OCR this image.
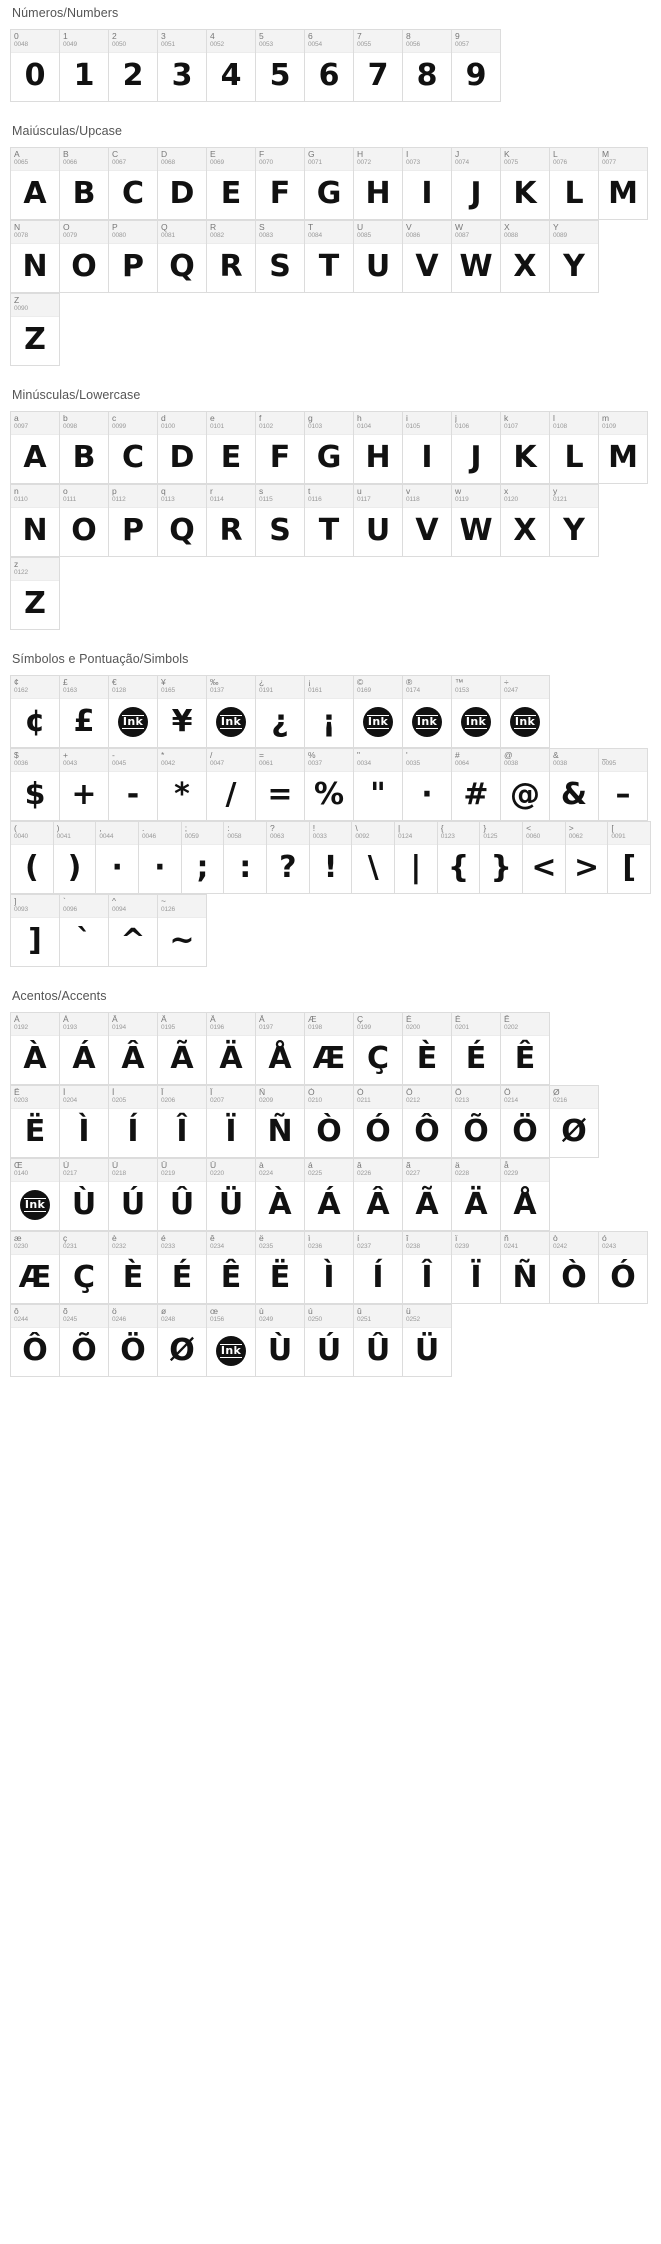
Números/Numbers
0
0048
0
1
0049
1
2
0050
2
3
0051
3
4
0052
4
5
0053
5
6
0054
6
7
0055
7
8
0056
8
9
0057
9
Maiúsculas/Upcase
A
0065
A
B
0066
B
C
0067
C
D
0068
D
E
0069
E
F
0070
F
G
0071
G
H
0072
H
I
0073
I
J
0074
J
K
0075
K
L
0076
L
M
0077
M
N
0078
N
O
0079
O
P
0080
P
Q
0081
Q
R
0082
R
S
0083
S
T
0084
T
U
0085
U
V
0086
V
W
0087
W
X
0088
X
Y
0089
Y
Z
0090
Z
Minúsculas/Lowercase
a
0097
A
b
0098
B
c
0099
C
d
0100
D
e
0101
E
f
0102
F
g
0103
G
h
0104
H
i
0105
I
j
0106
J
k
0107
K
l
0108
L
m
0109
M
n
0110
N
o
0111
O
p
0112
P
q
0113
Q
r
0114
R
s
0115
S
t
0116
T
u
0117
U
v
0118
V
w
0119
W
x
0120
X
y
0121
Y
z
0122
Z
Símbolos e Pontuação/Simbols
¢
0162
¢
£
0163
£
€
0128
Ink
¥
0165
¥
‰
0137
Ink
¿
0191
¿
¡
0161
¡
©
0169
Ink
®
0174
Ink
™
0153
Ink
÷
0247
Ink
$
0036
$
+
0043
+
-
0045
-
*
0042
*
/
0047
/
=
0061
=
%
0037
%
"
0034
"
'
0035
·
#
0064
#
@
0038
@
&
0038
&
_
0095
–
(
0040
(
)
0041
)
,
0044
·
.
0046
·
;
0059
;
:
0058
:
?
0063
?
!
0033
!
\
0092
\
|
0124
|
{
0123
{
}
0125
}
<
0060
<
>
0062
>
[
0091
[
]
0093
]
`
0096
`
^
0094
^
~
0126
~
Acentos/Accents
À
0192
À
Á
0193
Á
Â
0194
Â
Ã
0195
Ã
Ä
0196
Ä
Å
0197
Å
Æ
0198
Æ
Ç
0199
Ç
È
0200
È
É
0201
É
Ê
0202
Ê
Ë
0203
Ë
Ì
0204
Ì
Í
0205
Í
Î
0206
Î
Ï
0207
Ï
Ñ
0209
Ñ
Ò
0210
Ò
Ó
0211
Ó
Ô
0212
Ô
Õ
0213
Õ
Ö
0214
Ö
Ø
0216
Ø
Œ
0140
Ink
Ù
0217
Ù
Ú
0218
Ú
Û
0219
Û
Ü
0220
Ü
à
0224
À
á
0225
Á
â
0226
Â
ã
0227
Ã
ä
0228
Ä
å
0229
Å
æ
0230
Æ
ç
0231
Ç
è
0232
È
é
0233
É
ê
0234
Ê
ë
0235
Ë
ì
0236
Ì
í
0237
Í
î
0238
Î
ï
0239
Ï
ñ
0241
Ñ
ò
0242
Ò
ó
0243
Ó
ô
0244
Ô
õ
0245
Õ
ö
0246
Ö
ø
0248
Ø
œ
0156
Ink
ù
0249
Ù
ú
0250
Ú
û
0251
Û
ü
0252
Ü
